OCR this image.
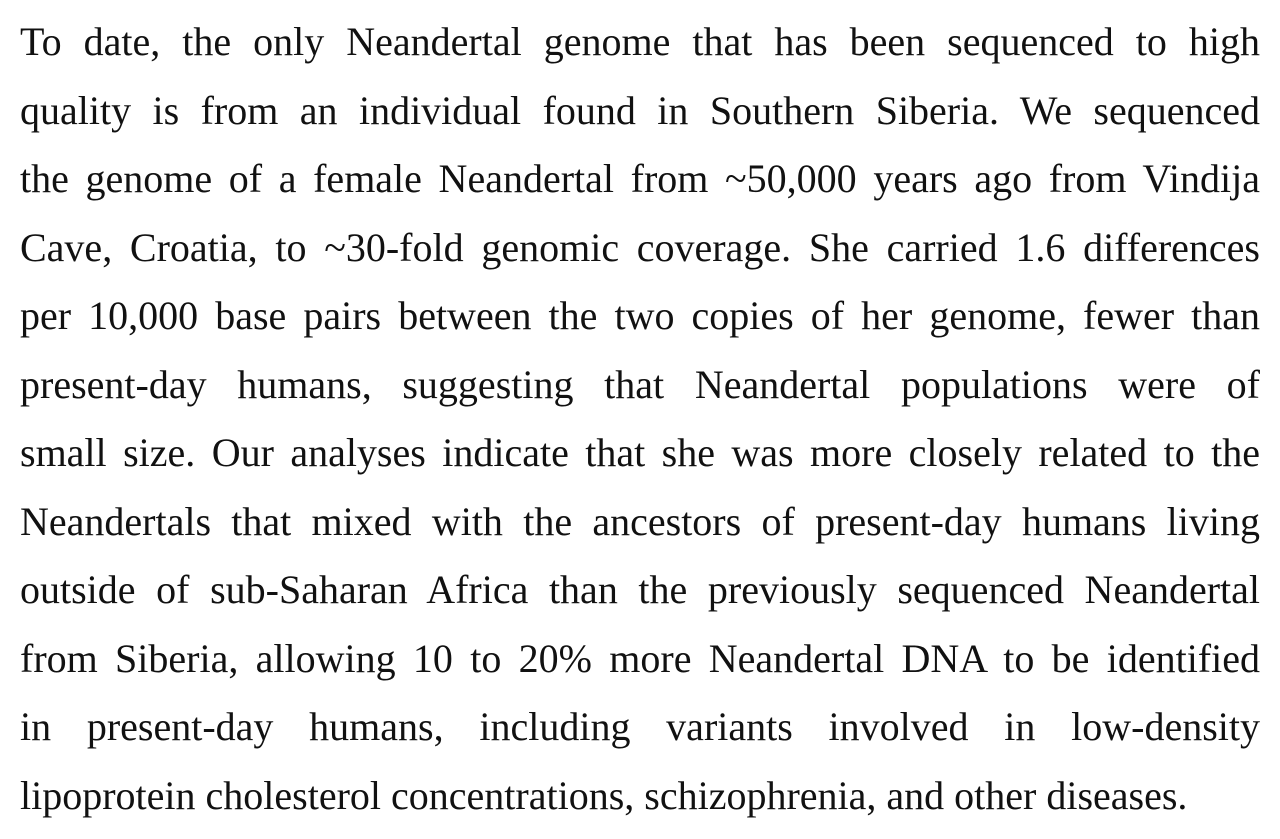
To date, the only Neandertal genome that has been sequenced to high
quality is from an individual found in Southern Siberia. We sequenced
the genome of a female Neandertal from ~50,000 years ago from Vindija
Cave, Croatia, to ~30-fold genomic coverage. She carried 1.6 differences
per 10,000 base pairs between the two copies of her genome, fewer than
present-day humans, suggesting that Neandertal populations were of
small size. Our analyses indicate that she was more closely related to the
Neandertals that mixed with the ancestors of present-day humans living
outside of sub-Saharan Africa than the previously sequenced Neandertal
from Siberia, allowing 10 to 20% more Neandertal DNA to be identified
in present-day humans, including variants involved in low-density
lipoprotein cholesterol concentrations, schizophrenia, and other diseases.
